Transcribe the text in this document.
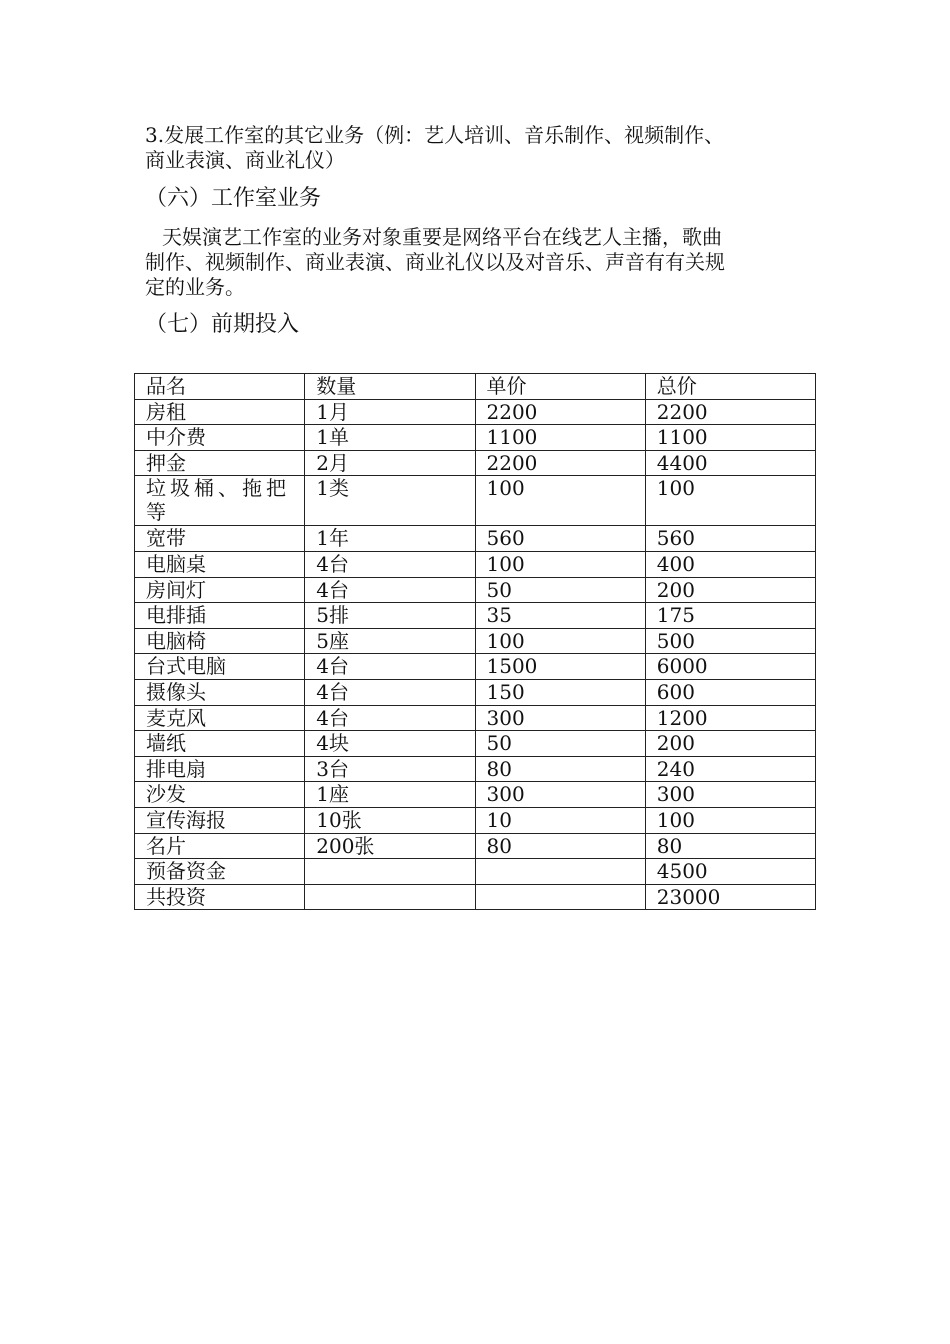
3.发展工作室的其它业务（例：艺人培训、音乐制作、视频制作、

商业表演、商业礼仪）

（六）工作室业务

天娱演艺工作室的业务对象重要是网络平台在线艺人主播，歌曲

制作、视频制作、商业表演、商业礼仪以及对音乐、声音有有关规

定的业务。

（七）前期投入
品名	数量	单价	总价
房租	1月	2200	2200
中介费	1单	1100	1100
押金	2月	2200	4400
垃圾桶、拖把等	1类	100	100
宽带	1年	560	560
电脑桌	4台	100	400
房间灯	4台	50	200
电排插	5排	35	175
电脑椅	5座	100	500
台式电脑	4台	1500	6000
摄像头	4台	150	600
麦克风	4台	300	1200
墙纸	4块	50	200
排电扇	3台	80	240
沙发	1座	300	300
宣传海报	10张	10	100
名片	200张	80	80
预备资金			4500
共投资			23000
